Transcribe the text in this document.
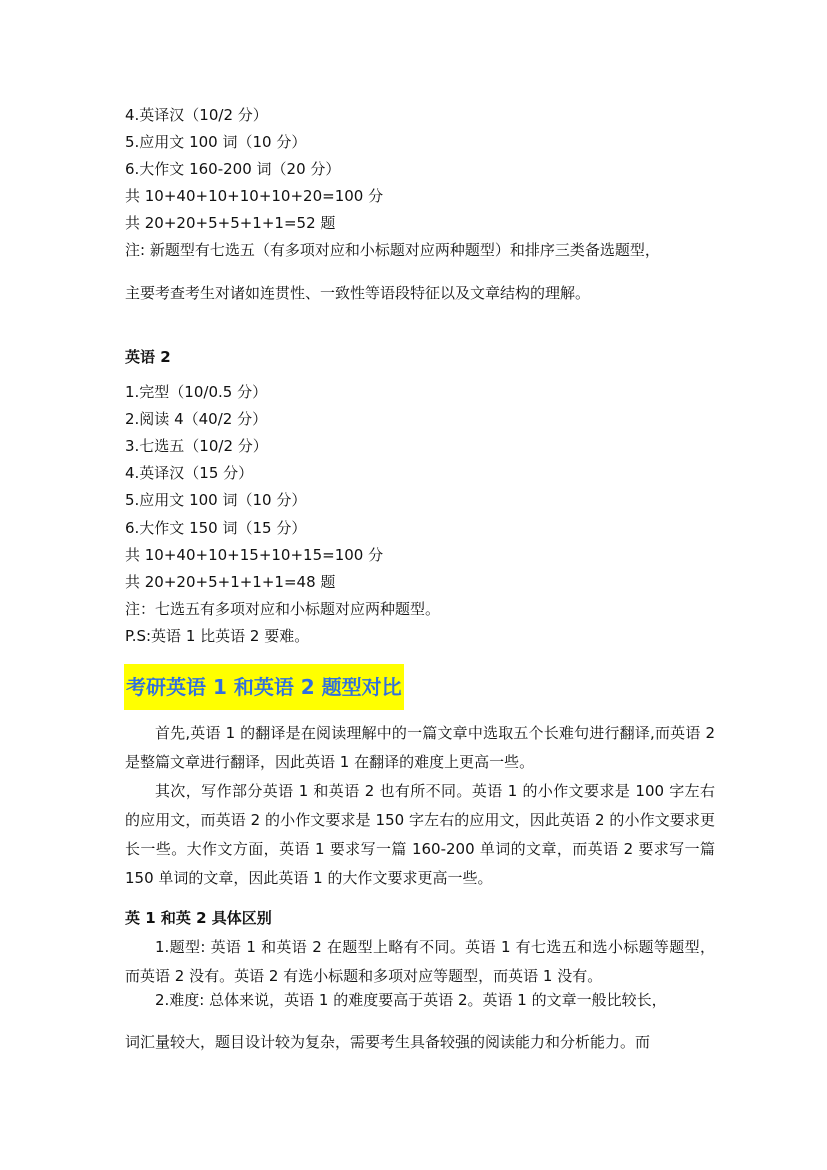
4.英译汉（10/2 分）
5.应用文 100 词（10 分）
6.大作文 160-200 词（20 分）
共 10+40+10+10+10+20=100 分
共 20+20+5+5+1+1=52 题
注: 新题型有七选五（有多项对应和小标题对应两种题型）和排序三类备选题型，
主要考查考生对诸如连贯性、一致性等语段特征以及文章结构的理解。
英语 2
1.完型（10/0.5 分）
2.阅读 4（40/2 分）
3.七选五（10/2 分）
4.英译汉（15 分）
5.应用文 100 词（10 分）
6.大作文 150 词（15 分）
共 10+40+10+15+10+15=100 分
共 20+20+5+1+1+1=48 题
注：七选五有多项对应和小标题对应两种题型。
P.S:英语 1 比英语 2 要难。
考研英语 1 和英语 2 题型对比
首先,英语 1 的翻译是在阅读理解中的一篇文章中选取五个长难句进行翻译,而英语 2 是整篇文章进行翻译，因此英语 1 在翻译的难度上更高一些。
其次，写作部分英语 1 和英语 2 也有所不同。英语 1 的小作文要求是 100 字左右的应用文，而英语 2 的小作文要求是 150 字左右的应用文，因此英语 2 的小作文要求更长一些。大作文方面，英语 1 要求写一篇 160-200 单词的文章，而英语 2 要求写一篇 150 单词的文章，因此英语 1 的大作文要求更高一些。
英 1 和英 2 具体区别
1.题型: 英语 1 和英语 2 在题型上略有不同。英语 1 有七选五和选小标题等题型，而英语 2 没有。英语 2 有选小标题和多项对应等题型，而英语 1 没有。
2.难度: 总体来说，英语 1 的难度要高于英语 2。英语 1 的文章一般比较长，
词汇量较大，题目设计较为复杂，需要考生具备较强的阅读能力和分析能力。而
